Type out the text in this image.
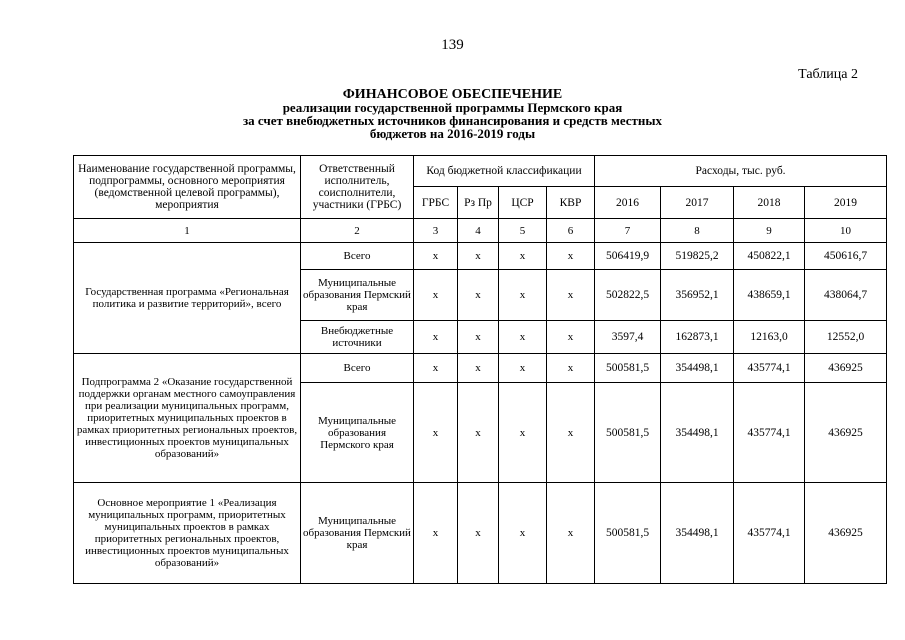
139
Таблица 2
ФИНАНСОВОЕ ОБЕСПЕЧЕНИЕ
реализации государственной программы Пермского края
за счет внебюджетных источников финансирования и средств местных
бюджетов на 2016-2019 годы
Наименование государственной программы, подпрограммы, основного мероприятия (ведомственной целевой программы), мероприятия	Ответственный исполнитель, соисполнители, участники (ГРБС)	Код бюджетной классификации				Расходы, тыс. руб.			
		ГРБС	Рз Пр	ЦСР	КВР	2016	2017	2018	2019
1	2	3	4	5	6	7	8	9	10
Государственная программа «Региональная политика и развитие территорий», всего	Всего	х	х	х	х	506419,9	519825,2	450822,1	450616,7
	Муниципальные образования Пермский края	х	х	х	х	502822,5	356952,1	438659,1	438064,7
	Внебюджетные источники	х	х	х	х	3597,4	162873,1	12163,0	12552,0
Подпрограмма 2 «Оказание государственной поддержки органам местного самоуправления при реализации муниципальных программ, приоритетных муниципальных проектов в рамках приоритетных региональных проектов, инвестиционных проектов муниципальных образований»	Всего	х	х	х	х	500581,5	354498,1	435774,1	436925
	Муниципальные образования Пермского края	х	х	х	х	500581,5	354498,1	435774,1	436925
Основное мероприятие 1 «Реализация муниципальных программ, приоритетных муниципальных проектов в рамках приоритетных региональных проектов, инвестиционных проектов муниципальных образований»	Муниципальные образования Пермский края	х	х	х	х	500581,5	354498,1	435774,1	436925
